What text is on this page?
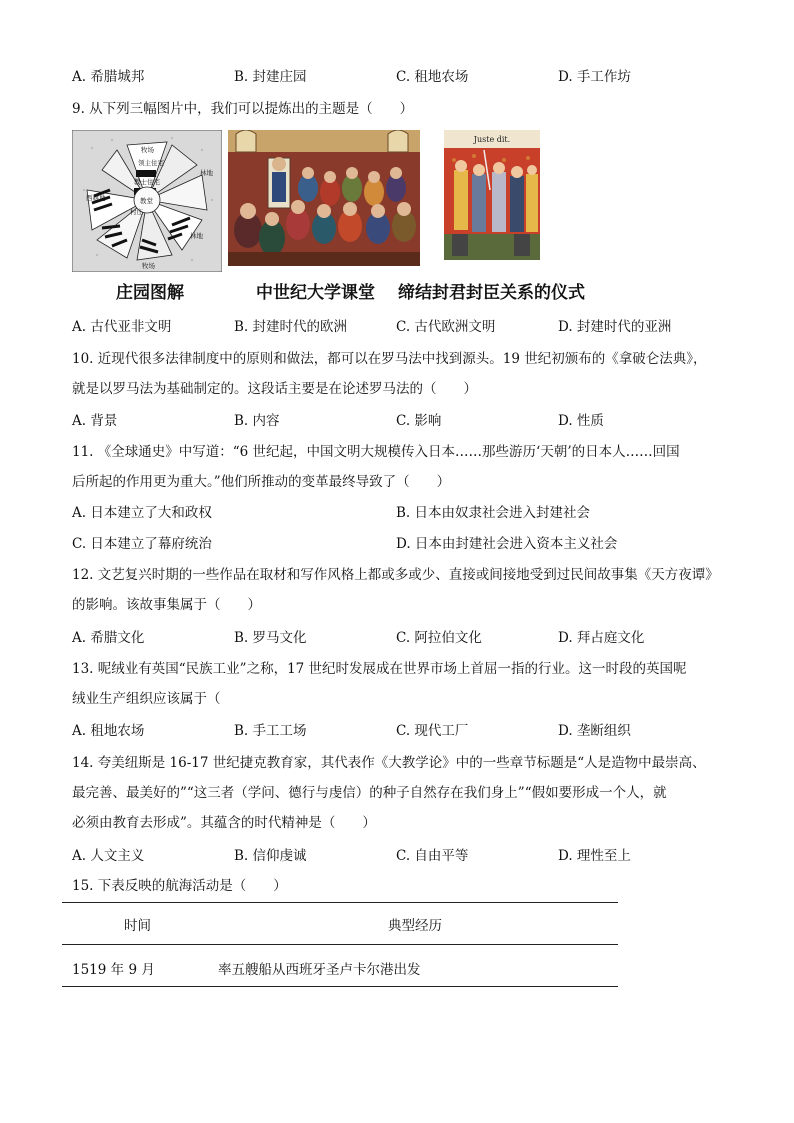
A. 希腊城邦	B. 封建庄园	C. 租地农场	D. 手工作坊
9. 从下列三幅图片中，我们可以提炼出的主题是（　　）
牧场
领主住宅
教堂
林地
西耕地
教士住宅
村庄
林地
牧场
Juste dit.
庄园图解	中世纪大学课堂 缔结封君封臣关系的仪式
A. 古代亚非文明	B. 封建时代的欧洲	C. 古代欧洲文明	D. 封建时代的亚洲
10. 近现代很多法律制度中的原则和做法，都可以在罗马法中找到源头。19 世纪初颁布的《拿破仑法典》，
就是以罗马法为基础制定的。这段话主要是在论述罗马法的（　　）
A. 背景	B. 内容	C. 影响	D. 性质
11. 《全球通史》中写道：“6 世纪起，中国文明大规模传入日本……那些游历‘天朝’的日本人……回国
后所起的作用更为重大。”他们所推动的变革最终导致了（　　）
A. 日本建立了大和政权	B. 日本由奴隶社会进入封建社会
C. 日本建立了幕府统治	D. 日本由封建社会进入资本主义社会
12. 文艺复兴时期的一些作品在取材和写作风格上都或多或少、直接或间接地受到过民间故事集《天方夜谭》
的影响。该故事集属于（　　）
A. 希腊文化	B. 罗马文化	C. 阿拉伯文化	D. 拜占庭文化
13. 呢绒业有英国“民族工业”之称，17 世纪时发展成在世界市场上首屈一指的行业。这一时段的英国呢
绒业生产组织应该属于（
A. 租地农场	B. 手工工场	C. 现代工厂	D. 垄断组织
14. 夸美纽斯是 16-17 世纪捷克教育家，其代表作《大教学论》中的一些章节标题是“人是造物中最崇高、
最完善、最美好的”“这三者（学问、德行与虔信）的种子自然存在我们身上”“假如要形成一个人，就
必须由教育去形成”。其蕴含的时代精神是（　　）
A. 人文主义	B. 信仰虔诚	C. 自由平等	D. 理性至上
15. 下表反映的航海活动是（　　）
时间	典型经历
1519 年 9 月	率五艘船从西班牙圣卢卡尔港出发
